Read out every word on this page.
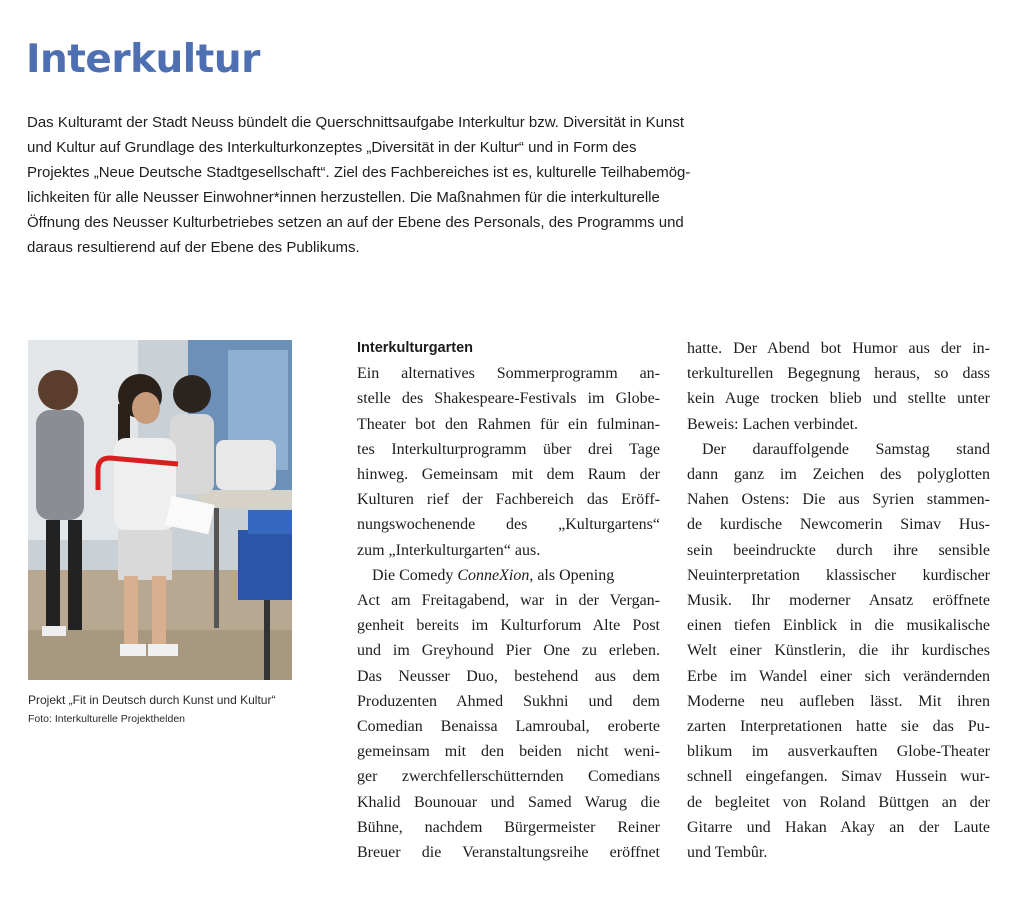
Interkultur
Das Kulturamt der Stadt Neuss bündelt die Querschnittsaufgabe Interkultur bzw. Diversität in Kunst
und Kultur auf Grundlage des Interkulturkonzeptes „Diversität in der Kultur“ und in Form des
Projektes „Neue Deutsche Stadtgesellschaft“. Ziel des Fachbereiches ist es, kulturelle Teilhabemög-
lichkeiten für alle Neusser Einwohner*innen herzustellen. Die Maßnahmen für die interkulturelle
Öffnung des Neusser Kulturbetriebes setzen an auf der Ebene des Personals, des Programms und
daraus resultierend auf der Ebene des Publikums.
Projekt „Fit in Deutsch durch Kunst und Kultur“
Foto: Interkulturelle Projekthelden
Interkulturgarten
Ein alternatives Sommerprogramm an-
stelle des Shakespeare-Festivals im Globe-
Theater bot den Rahmen für ein fulminan-
tes Interkulturprogramm über drei Tage
hinweg. Gemeinsam mit dem Raum der
Kulturen rief der Fachbereich das Eröff-
nungswochenende des „Kulturgartens“
zum „Interkulturgarten“ aus.
Die Comedy ConneXion, als Opening
Act am Freitagabend, war in der Vergan-
genheit bereits im Kulturforum Alte Post
und im Greyhound Pier One zu erleben.
Das Neusser Duo, bestehend aus dem
Produzenten Ahmed Sukhni und dem
Comedian Benaissa Lamroubal, eroberte
gemeinsam mit den beiden nicht weni-
ger zwerchfellerschütternden Comedians
Khalid Bounouar und Samed Warug die
Bühne, nachdem Bürgermeister Reiner
Breuer die Veranstaltungsreihe eröffnet
hatte. Der Abend bot Humor aus der in-
terkulturellen Begegnung heraus, so dass
kein Auge trocken blieb und stellte unter
Beweis: Lachen verbindet.
Der darauffolgende Samstag stand
dann ganz im Zeichen des polyglotten
Nahen Ostens: Die aus Syrien stammen-
de kurdische Newcomerin Simav Hus-
sein beeindruckte durch ihre sensible
Neuinterpretation klassischer kurdischer
Musik. Ihr moderner Ansatz eröffnete
einen tiefen Einblick in die musikalische
Welt einer Künstlerin, die ihr kurdisches
Erbe im Wandel einer sich verändernden
Moderne neu aufleben lässt. Mit ihren
zarten Interpretationen hatte sie das Pu-
blikum im ausverkauften Globe-Theater
schnell eingefangen. Simav Hussein wur-
de begleitet von Roland Büttgen an der
Gitarre und Hakan Akay an der Laute
und Tembûr.
